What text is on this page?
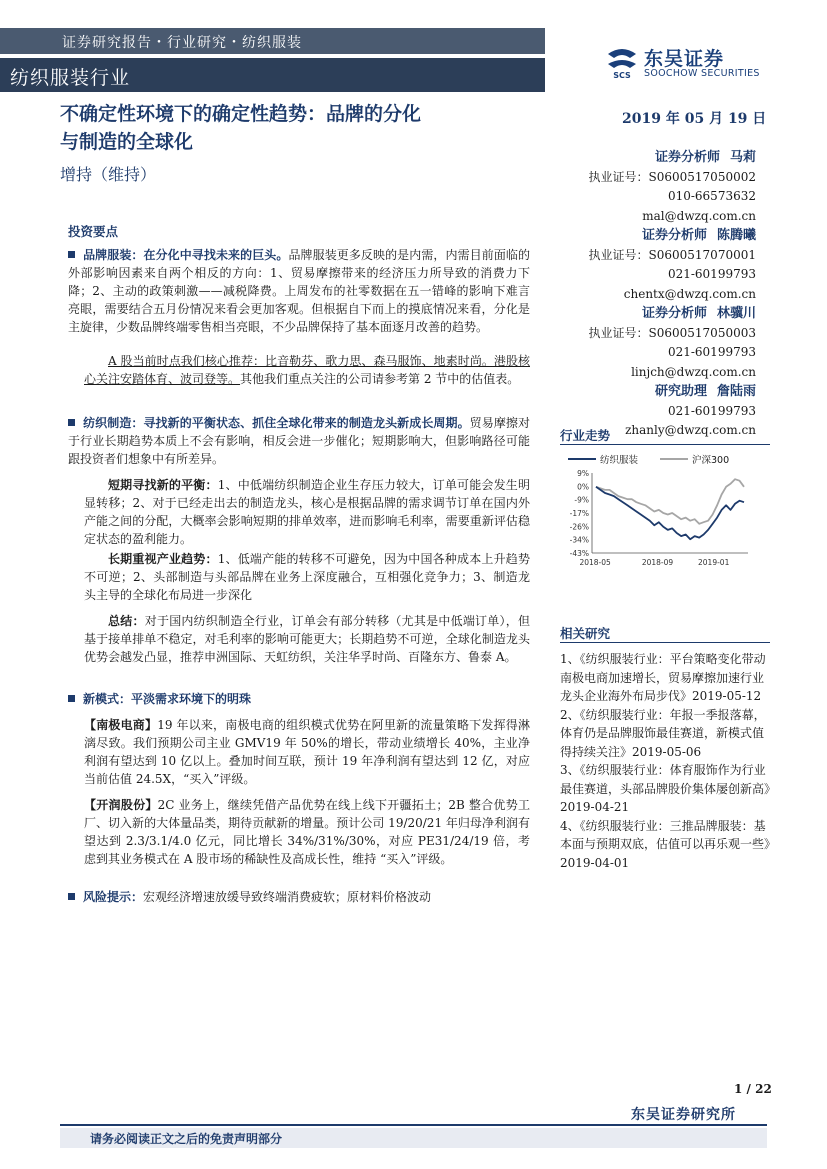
证券研究报告・行业研究・纺织服装
纺织服装行业	SCS
东吴证券
SOOCHOW SECURITIES
不确定性环境下的确定性趋势：品牌的分化
与制造的全球化
增持（维持）
2019 年 05 月 19 日
证券分析师 马莉
执业证号：S0600517050002
010-66573632
mal@dwzq.com.cn
证券分析师 陈腾曦
执业证号：S0600517070001
021-60199793
chentx@dwzq.com.cn
证券分析师 林骥川
执业证号：S0600517050003
021-60199793
linjch@dwzq.com.cn
研究助理 詹陆雨
021-60199793
zhanly@dwzq.com.cn
投资要点
品牌服装：在分化中寻找未来的巨头。品牌服装更多反映的是内需，内需目前面临的外部影响因素来自两个相反的方向：1、贸易摩擦带来的经济压力所导致的消费力下降；2、主动的政策刺激——减税降费。上周发布的社零数据在五一错峰的影响下难言亮眼，需要结合五月份情况来看会更加客观。但根据自下而上的摸底情况来看，分化是主旋律，少数品牌终端零售相当亮眼，不少品牌保持了基本面逐月改善的趋势。
A 股当前时点我们核心推荐：比音勒芬、歌力思、森马服饰、地素时尚。港股核心关注安踏体育、波司登等。其他我们重点关注的公司请参考第 2 节中的估值表。
纺织制造：寻找新的平衡状态、抓住全球化带来的制造龙头新成长周期。贸易摩擦对于行业长期趋势本质上不会有影响，相反会进一步催化；短期影响大，但影响路径可能跟投资者们想象中有所差异。
短期寻找新的平衡：1、中低端纺织制造企业生存压力较大，订单可能会发生明显转移；2、对于已经走出去的制造龙头，核心是根据品牌的需求调节订单在国内外产能之间的分配，大概率会影响短期的排单效率，进而影响毛利率，需要重新评估稳定状态的盈利能力。
长期重视产业趋势：1、低端产能的转移不可避免，因为中国各种成本上升趋势不可逆；2、头部制造与头部品牌在业务上深度融合，互相强化竞争力；3、制造龙头主导的全球化布局进一步深化
总结：对于国内纺织制造全行业，订单会有部分转移（尤其是中低端订单），但基于接单排单不稳定，对毛利率的影响可能更大；长期趋势不可逆，全球化制造龙头优势会越发凸显，推荐申洲国际、天虹纺织，关注华孚时尚、百隆东方、鲁泰 A。
新模式：平淡需求环境下的明珠
【南极电商】19 年以来，南极电商的组织模式优势在阿里新的流量策略下发挥得淋漓尽致。我们预期公司主业 GMV19 年 50%的增长，带动业绩增长 40%，主业净利润有望达到 10 亿以上。叠加时间互联，预计 19 年净利润有望达到 12 亿，对应当前估值 24.5X，“买入”评级。
【开润股份】2C 业务上，继续凭借产品优势在线上线下开疆拓土；2B 整合优势工厂、切入新的大体量品类，期待贡献新的增量。预计公司 19/20/21 年归母净利润有望达到 2.3/3.1/4.0 亿元，同比增长 34%/31%/30%，对应 PE31/24/19 倍，考虑到其业务模式在 A 股市场的稀缺性及高成长性，维持 “买入”评级。
风险提示：宏观经济增速放缓导致终端消费疲软；原材料价格波动
行业走势
纺织服装	沪深300
9%
0%
-9%
-17%
-26%
-34%
-43%
2018-05	2018-09	2019-01
相关研究

1、《纺织服装行业：平台策略变化带动南极电商加速增长，贸易摩擦加速行业龙头企业海外布局步伐》2019-05-12

2、《纺织服装行业：年报一季报落幕，体育仍是品牌服饰最佳赛道，新模式值得持续关注》2019-05-06

3、《纺织服装行业：体育服饰作为行业最佳赛道，头部品牌股价集体屡创新高》2019-04-21

4、《纺织服装行业：三推品牌服装：基本面与预期双底，估值可以再乐观一些》2019-04-01

1 / 22
东吴证券研究所
请务必阅读正文之后的免责声明部分
